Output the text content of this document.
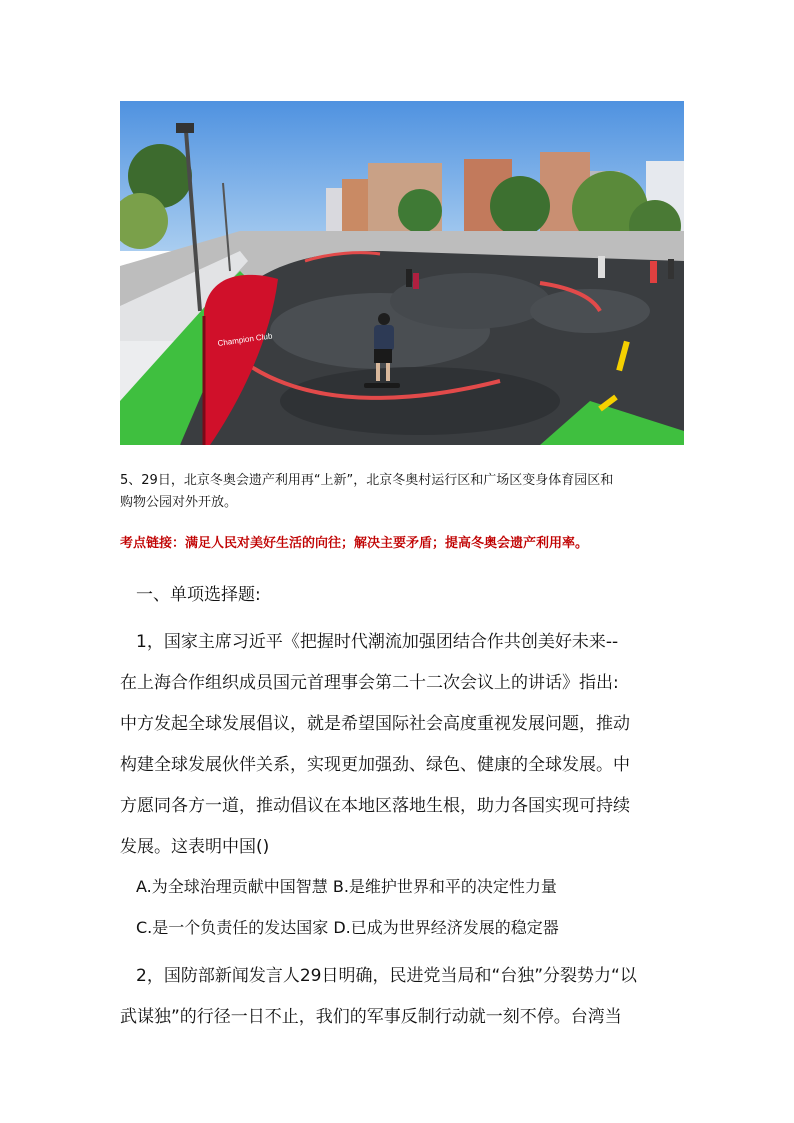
Champion Club
5、29日，北京冬奥会遗产利用再“上新”，北京冬奥村运行区和广场区变身体育园区和
购物公园对外开放。
考点链接：满足人民对美好生活的向往；解决主要矛盾；提高冬奥会遗产利用率。
一、单项选择题:
1，国家主席习近平《把握时代潮流加强团结合作共创美好未来--
在上海合作组织成员国元首理事会第二十二次会议上的讲话》指出:
中方发起全球发展倡议，就是希望国际社会高度重视发展问题，推动
构建全球发展伙伴关系，实现更加强劲、绿色、健康的全球发展。中
方愿同各方一道，推动倡议在本地区落地生根，助力各国实现可持续
发展。这表明中国()
A.为全球治理贡献中国智慧 B.是维护世界和平的决定性力量
C.是一个负责任的发达国家 D.已成为世界经济发展的稳定器
2，国防部新闻发言人29日明确，民进党当局和“台独”分裂势力“以
武谋独”的行径一日不止，我们的军事反制行动就一刻不停。台湾当
